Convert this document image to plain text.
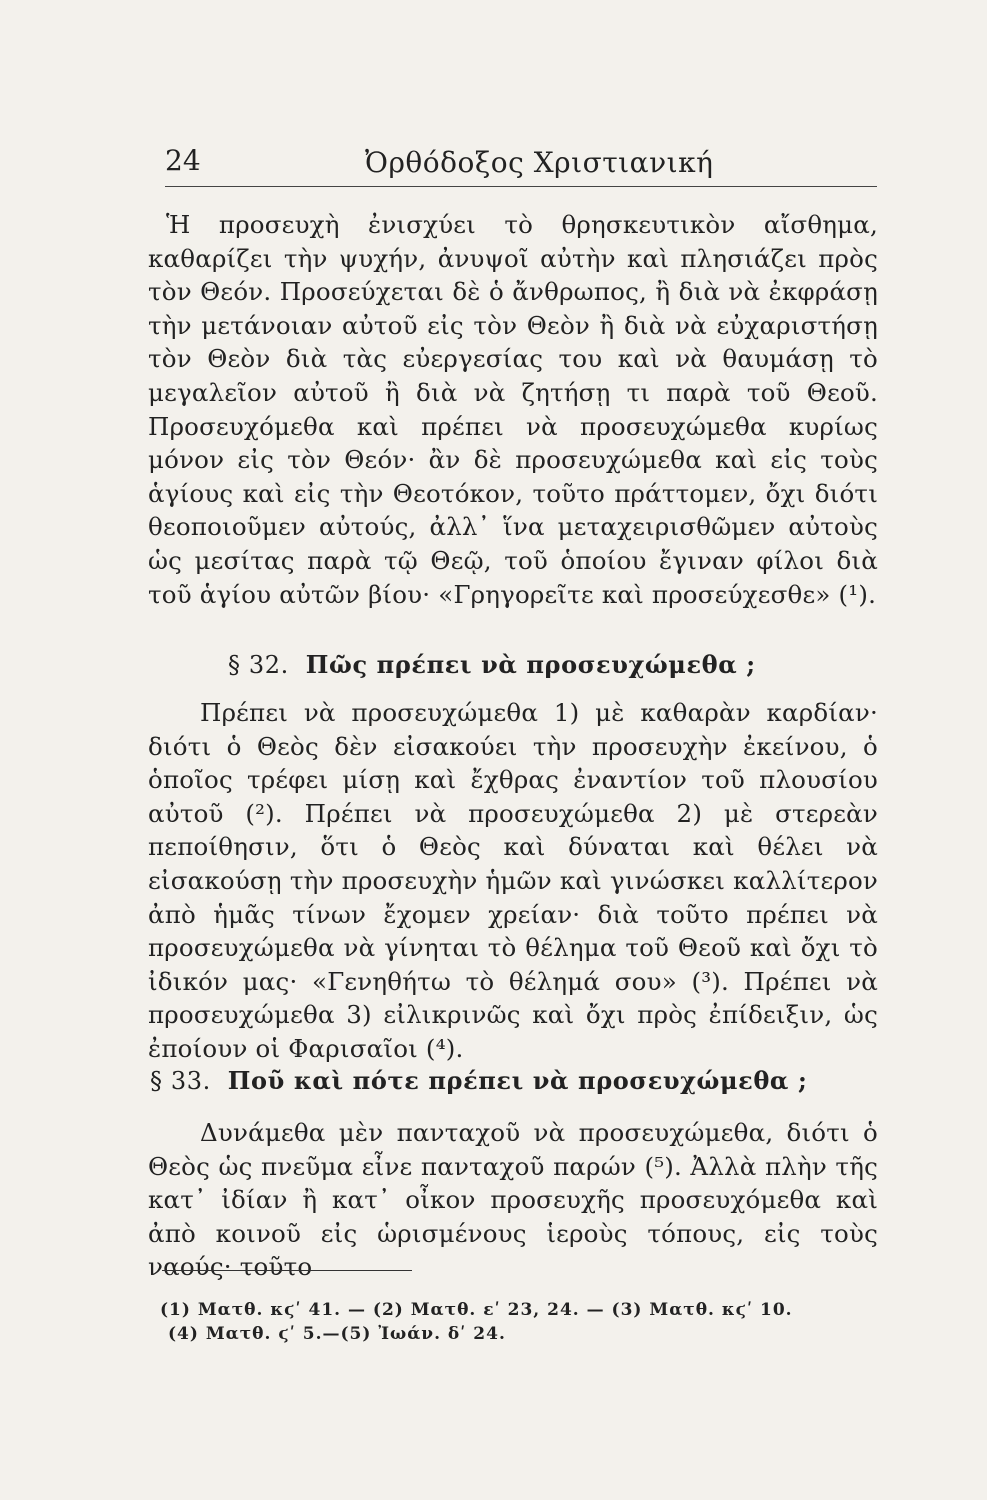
24	Ὀρθόδοξος Χριστιανική
Ἡ προσευχὴ ἐνισχύει τὸ θρησκευτικὸν αἴσθημα, καθαρίζει τὴν ψυχήν, ἀνυψοῖ αὐτὴν καὶ πλησιάζει πρὸς τὸν Θεόν. Προσεύχεται δὲ ὁ ἄνθρωπος, ἢ διὰ νὰ ἐκφράσῃ τὴν μετάνοιαν αὐτοῦ εἰς τὸν Θεὸν ἢ διὰ νὰ εὐχαριστήσῃ τὸν Θεὸν διὰ τὰς εὐεργεσίας του καὶ νὰ θαυμάσῃ τὸ μεγαλεῖον αὐτοῦ ἢ διὰ νὰ ζητήσῃ τι παρὰ τοῦ Θεοῦ. Προσευχόμεθα καὶ πρέπει νὰ προσευχώμεθα κυρίως μόνον εἰς τὸν Θεόν· ἂν δὲ προσευχώμεθα καὶ εἰς τοὺς ἁγίους καὶ εἰς τὴν Θεοτόκον, τοῦτο πράττομεν, ὄχι διότι θεοποιοῦμεν αὐτούς, ἀλλ᾽ ἵνα μεταχειρισθῶμεν αὐτοὺς ὡς μεσίτας παρὰ τῷ Θεῷ, τοῦ ὁποίου ἔγιναν φίλοι διὰ τοῦ ἁγίου αὐτῶν βίου· «Γρηγορεῖτε καὶ προσεύχεσθε» (¹).
§ 32. Πῶς πρέπει νὰ προσευχώμεθα ;
Πρέπει νὰ προσευχώμεθα 1) μὲ καθαρὰν καρδίαν· διότι ὁ Θεὸς δὲν εἰσακούει τὴν προσευχὴν ἐκείνου, ὁ ὁποῖος τρέφει μίσῃ καὶ ἔχθρας ἐναντίον τοῦ πλουσίου αὐτοῦ (²). Πρέπει νὰ προσευχώμεθα 2) μὲ στερεὰν πεποίθησιν, ὅτι ὁ Θεὸς καὶ δύναται καὶ θέλει νὰ εἰσακούσῃ τὴν προσευχὴν ἡμῶν καὶ γινώσκει καλλίτερον ἀπὸ ἡμᾶς τίνων ἔχομεν χρείαν· διὰ τοῦτο πρέπει νὰ προσευχώμεθα νὰ γίνηται τὸ θέλημα τοῦ Θεοῦ καὶ ὄχι τὸ ἰδικόν μας· «Γενηθήτω τὸ θέλημά σου» (³). Πρέπει νὰ προσευχώμεθα 3) εἰλικρινῶς καὶ ὄχι πρὸς ἐπίδειξιν, ὡς ἐποίουν οἱ Φαρισαῖοι (⁴).
§ 33. Ποῦ καὶ πότε πρέπει νὰ προσευχώμεθα ;
Δυνάμεθα μὲν πανταχοῦ νὰ προσευχώμεθα, διότι ὁ Θεὸς ὡς πνεῦμα εἶνε πανταχοῦ παρών (⁵). Ἀλλὰ πλὴν τῆς κατ᾽ ἰδίαν ἢ κατ᾽ οἶκον προσευχῆς προσευχόμεθα καὶ ἀπὸ κοινοῦ εἰς ὡρισμένους ἱεροὺς τόπους, εἰς τοὺς ναούς· τοῦτο
(1) Ματθ. κϛʹ 41. — (2) Ματθ. εʹ 23, 24. — (3) Ματθ. κϛʹ 10.
(4) Ματθ. ϛʹ 5.—(5) Ἰωάν. δʹ 24.
